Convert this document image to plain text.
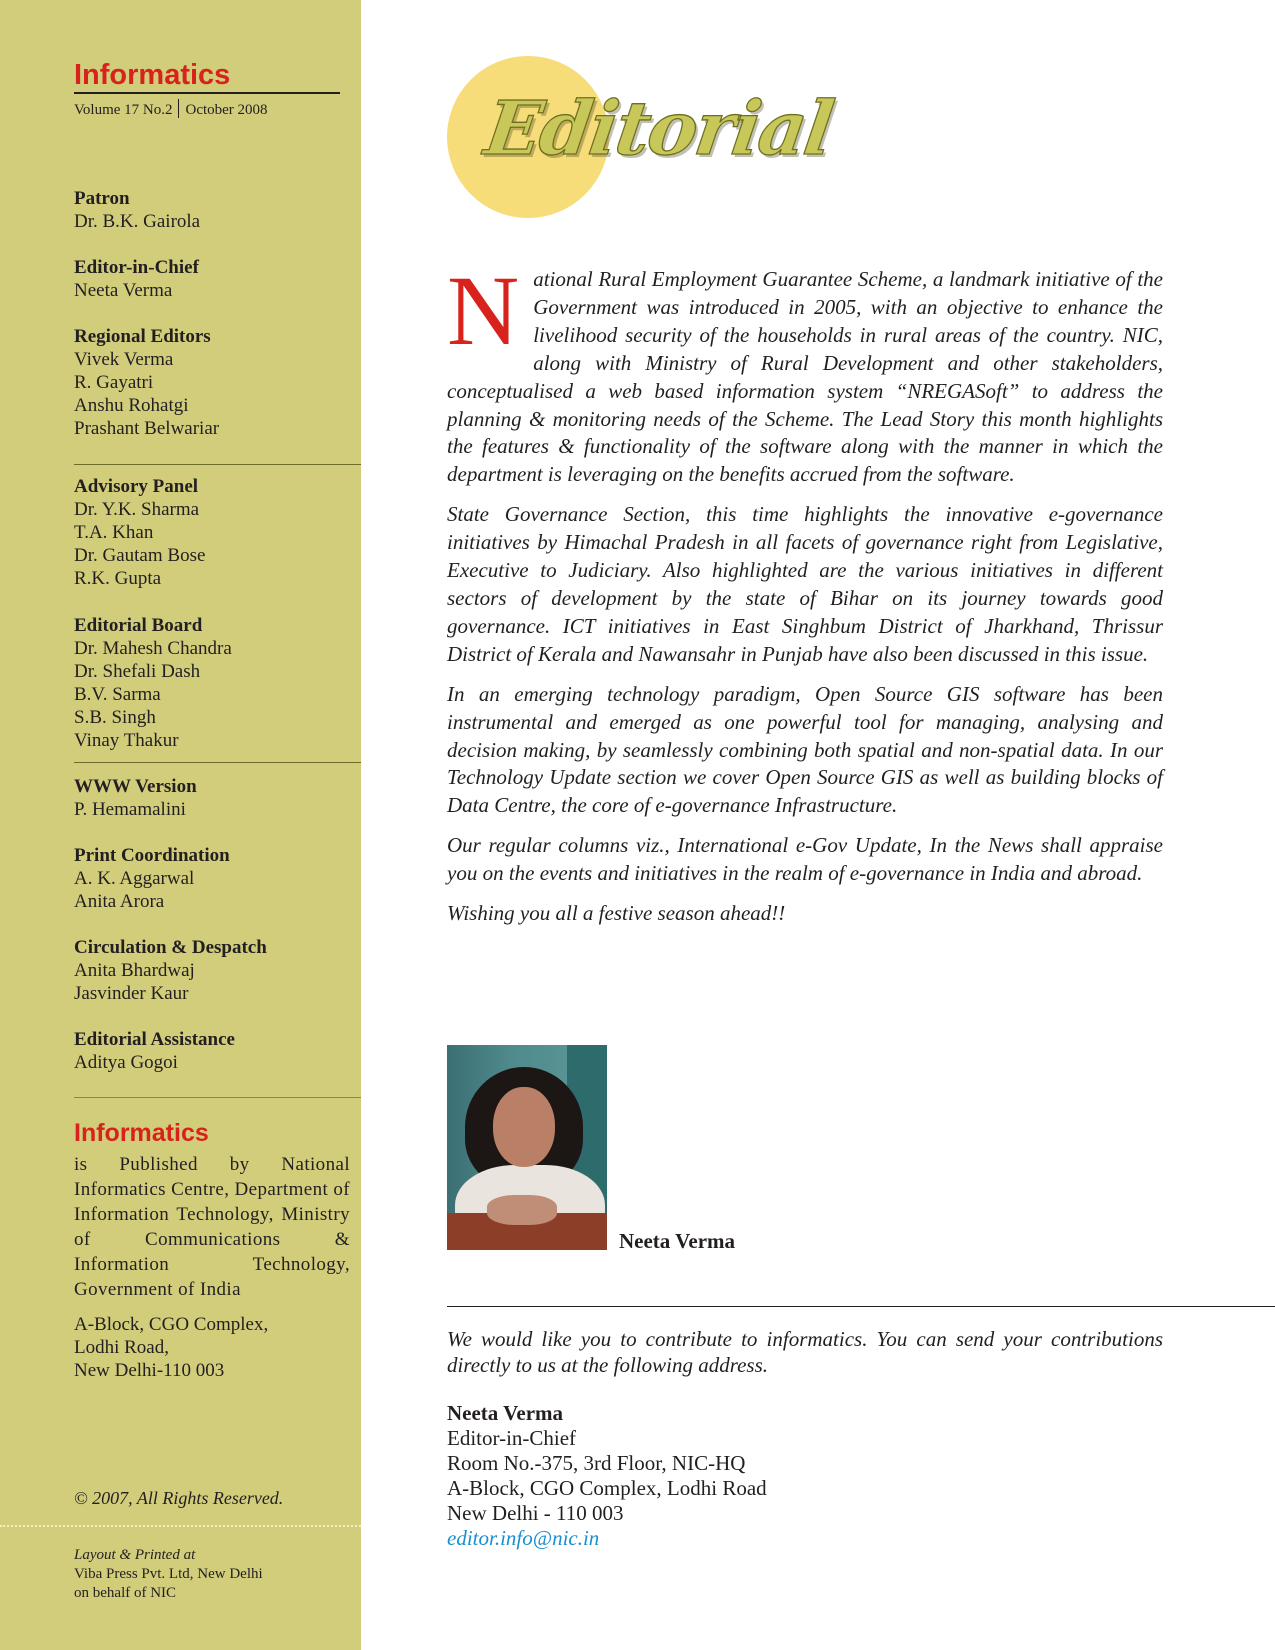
Informatics
Volume 17 No.2 October 2008
Patron
Dr. B.K. Gairola
Editor-in-Chief
Neeta Verma
Regional Editors
Vivek Verma
R. Gayatri
Anshu Rohatgi
Prashant Belwariar
Advisory Panel
Dr. Y.K. Sharma
T.A. Khan
Dr. Gautam Bose
R.K. Gupta
Editorial Board
Dr. Mahesh Chandra
Dr. Shefali Dash
B.V. Sarma
S.B. Singh
Vinay Thakur
WWW Version
P. Hemamalini
Print Coordination
A. K. Aggarwal
Anita Arora
Circulation & Despatch
Anita Bhardwaj
Jasvinder Kaur
Editorial Assistance
Aditya Gogoi
Informatics
is Published by National Informatics Centre, Department of Information Technology, Ministry of Communications & Information Technology, Government of India
A-Block, CGO Complex,
Lodhi Road,
New Delhi-110 003
© 2007, All Rights Reserved.
Layout & Printed at
Viba Press Pvt. Ltd, New Delhi
on behalf of NIC
Editorial

National Rural Employment Guarantee Scheme, a landmark initiative of the Government was introduced in 2005, with an objective to enhance the livelihood security of the households in rural areas of the country. NIC, along with Ministry of Rural Development and other stakeholders, conceptualised a web based information system “NREGASoft” to address the planning & monitoring needs of the Scheme. The Lead Story this month highlights the features & functionality of the software along with the manner in which the department is leveraging on the benefits accrued from the software.

State Governance Section, this time highlights the innovative e-governance initiatives by Himachal Pradesh in all facets of governance right from Legislative, Executive to Judiciary. Also highlighted are the various initiatives in different sectors of development by the state of Bihar on its journey towards good governance. ICT initiatives in East Singhbum District of Jharkhand, Thrissur District of Kerala and Nawansahr in Punjab have also been discussed in this issue.

In an emerging technology paradigm, Open Source GIS software has been instrumental and emerged as one powerful tool for managing, analysing and decision making, by seamlessly combining both spatial and non-spatial data. In our Technology Update section we cover Open Source GIS as well as building blocks of Data Centre, the core of e-governance Infrastructure.

Our regular columns viz., International e-Gov Update, In the News shall appraise you on the events and initiatives in the realm of e-governance in India and abroad.

Wishing you all a festive season ahead!!

Neeta Verma
We would like you to contribute to informatics. You can send your contributions directly to us at the following address.
Neeta Verma
Editor-in-Chief
Room No.-375, 3rd Floor, NIC-HQ
A-Block, CGO Complex, Lodhi Road
New Delhi - 110 003
editor.info@nic.in
